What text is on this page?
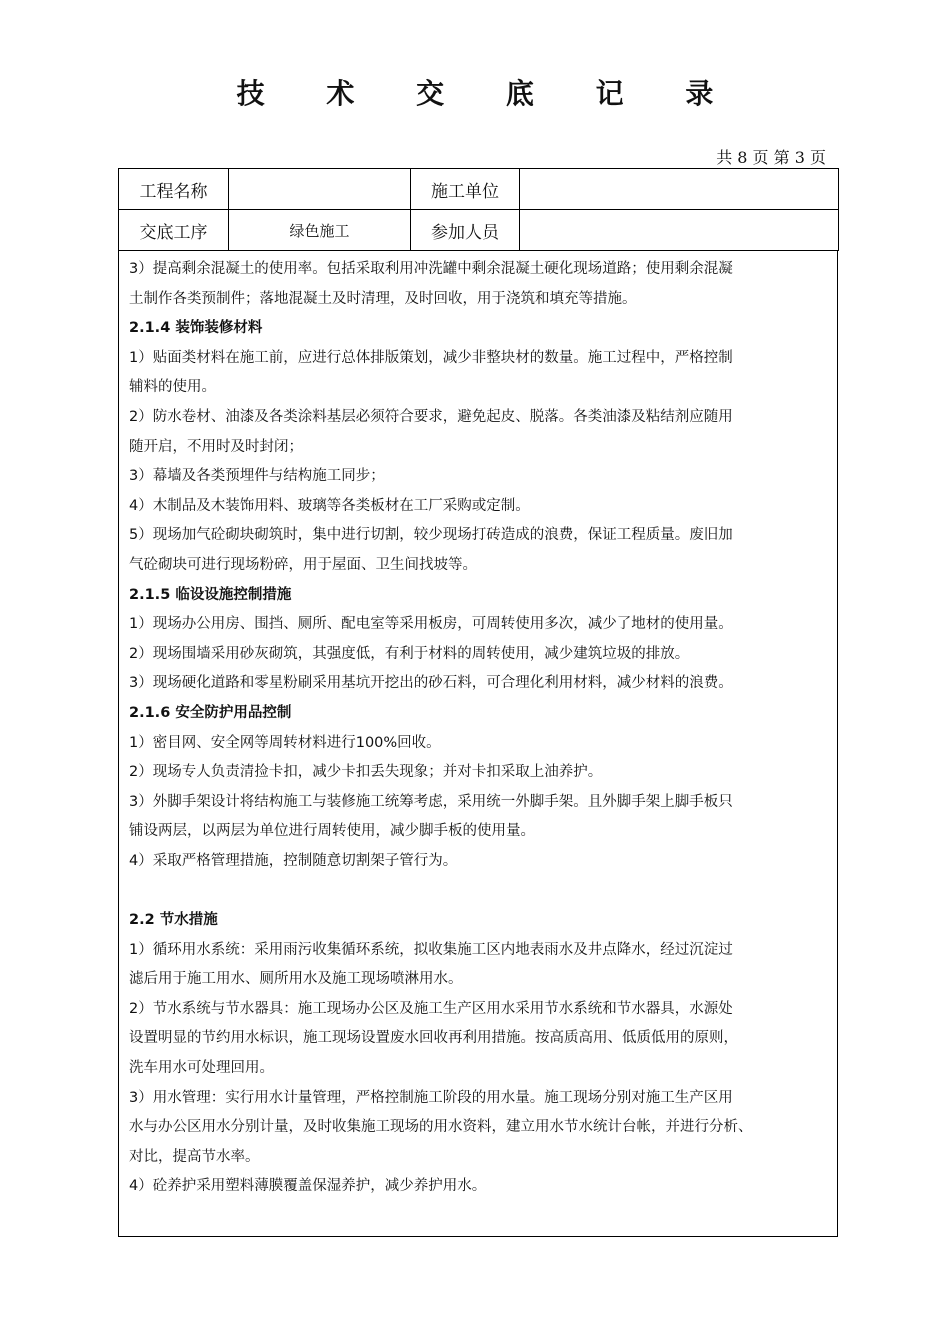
技 术 交 底 记 录
共 8 页 第 3 页
工程名称		施工单位	
交底工序	绿色施工	参加人员	

3）提高剩余混凝土的使用率。包括采取利用冲洗罐中剩余混凝土硬化现场道路；使用剩余混凝

土制作各类预制件；落地混凝土及时清理，及时回收，用于浇筑和填充等措施。

2.1.4 装饰装修材料

1）贴面类材料在施工前，应进行总体排版策划，减少非整块材的数量。施工过程中，严格控制

辅料的使用。

2）防水卷材、油漆及各类涂料基层必须符合要求，避免起皮、脱落。各类油漆及粘结剂应随用

随开启，不用时及时封闭；

3）幕墙及各类预埋件与结构施工同步；

4）木制品及木装饰用料、玻璃等各类板材在工厂采购或定制。

5）现场加气砼砌块砌筑时，集中进行切割，较少现场打砖造成的浪费，保证工程质量。废旧加

气砼砌块可进行现场粉碎，用于屋面、卫生间找坡等。

2.1.5 临设设施控制措施

1）现场办公用房、围挡、厕所、配电室等采用板房，可周转使用多次，减少了地材的使用量。

2）现场围墙采用砂灰砌筑，其强度低，有利于材料的周转使用，减少建筑垃圾的排放。

3）现场硬化道路和零星粉刷采用基坑开挖出的砂石料，可合理化利用材料，减少材料的浪费。

2.1.6 安全防护用品控制

1）密目网、安全网等周转材料进行100%回收。

2）现场专人负责清捡卡扣，减少卡扣丢失现象；并对卡扣采取上油养护。

3）外脚手架设计将结构施工与装修施工统筹考虑，采用统一外脚手架。且外脚手架上脚手板只

铺设两层，以两层为单位进行周转使用，减少脚手板的使用量。

4）采取严格管理措施，控制随意切割架子管行为。

2.2 节水措施

1）循环用水系统：采用雨污收集循环系统，拟收集施工区内地表雨水及井点降水，经过沉淀过

滤后用于施工用水、厕所用水及施工现场喷淋用水。

2）节水系统与节水器具：施工现场办公区及施工生产区用水采用节水系统和节水器具，水源处

设置明显的节约用水标识，施工现场设置废水回收再利用措施。按高质高用、低质低用的原则，

洗车用水可处理回用。

3）用水管理：实行用水计量管理，严格控制施工阶段的用水量。施工现场分别对施工生产区用

水与办公区用水分别计量，及时收集施工现场的用水资料，建立用水节水统计台帐，并进行分析、

对比，提高节水率。

4）砼养护采用塑料薄膜覆盖保湿养护，减少养护用水。
